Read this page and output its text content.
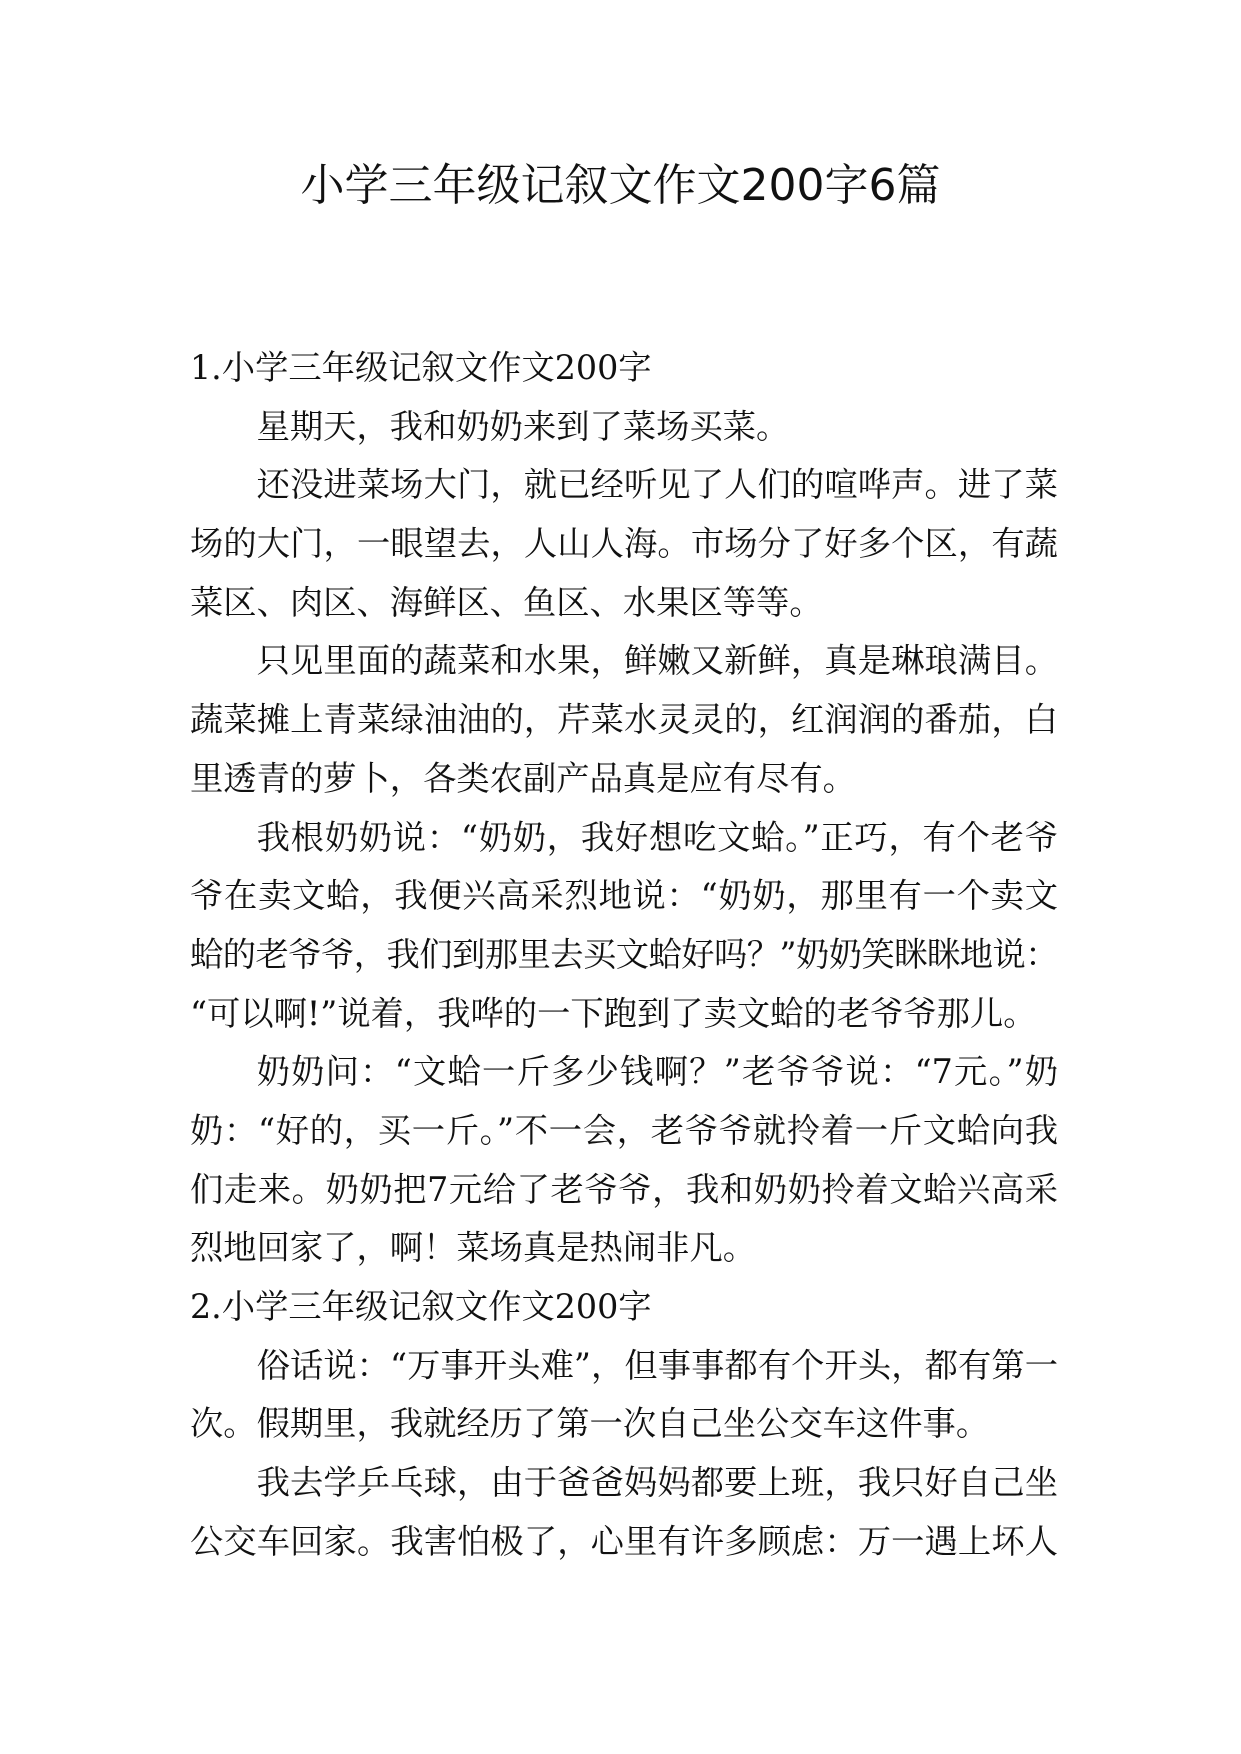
小学三年级记叙文作文200字6篇
1.小学三年级记叙文作文200字
星期天，我和奶奶来到了菜场买菜。
还没进菜场大门，就已经听见了人们的喧哗声。进了菜
场的大门，一眼望去，人山人海。市场分了好多个区，有蔬
菜区、肉区、海鲜区、鱼区、水果区等等。
只见里面的蔬菜和水果，鲜嫩又新鲜，真是琳琅满目。
蔬菜摊上青菜绿油油的，芹菜水灵灵的，红润润的番茄，白
里透青的萝卜，各类农副产品真是应有尽有。
我根奶奶说：“奶奶，我好想吃文蛤。”正巧，有个老爷
爷在卖文蛤，我便兴高采烈地说：“奶奶，那里有一个卖文
蛤的老爷爷，我们到那里去买文蛤好吗？”奶奶笑眯眯地说：
“可以啊!”说着，我哗的一下跑到了卖文蛤的老爷爷那儿。
奶奶问：“文蛤一斤多少钱啊？”老爷爷说：“7元。”奶
奶：“好的，买一斤。”不一会，老爷爷就拎着一斤文蛤向我
们走来。奶奶把7元给了老爷爷，我和奶奶拎着文蛤兴高采
烈地回家了，啊！菜场真是热闹非凡。
2.小学三年级记叙文作文200字
俗话说：“万事开头难”，但事事都有个开头，都有第一
次。假期里，我就经历了第一次自己坐公交车这件事。
我去学乒乓球，由于爸爸妈妈都要上班，我只好自己坐
公交车回家。我害怕极了，心里有许多顾虑：万一遇上坏人
